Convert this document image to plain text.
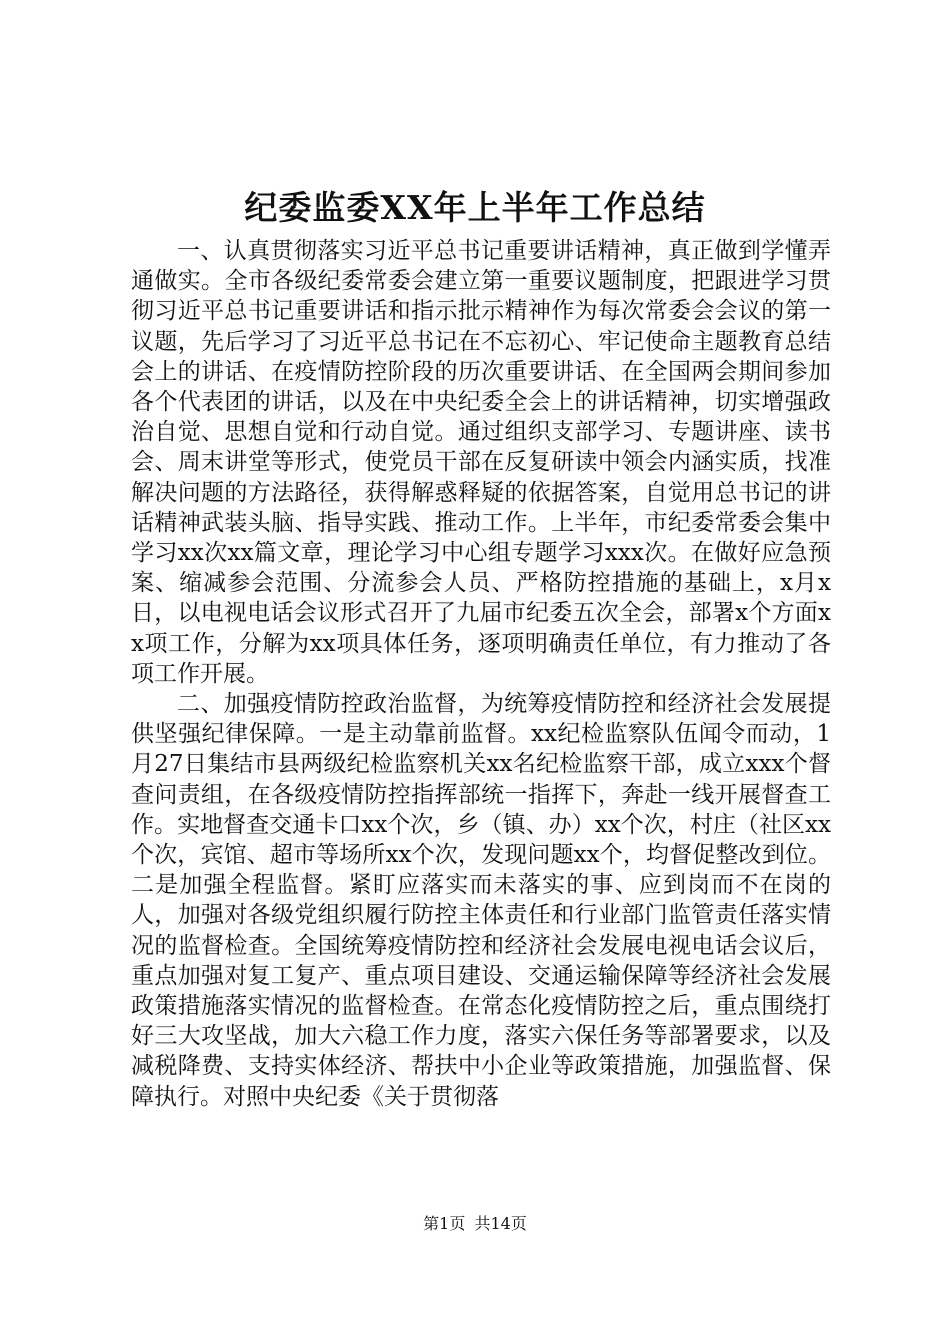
纪委监委XX年上半年工作总结

一、认真贯彻落实习近平总书记重要讲话精神，真正做到学懂弄通做实。全市各级纪委常委会建立第一重要议题制度，把跟进学习贯彻习近平总书记重要讲话和指示批示精神作为每次常委会会议的第一议题，先后学习了习近平总书记在不忘初心、牢记使命主题教育总结会上的讲话、在疫情防控阶段的历次重要讲话、在全国两会期间参加各个代表团的讲话，以及在中央纪委全会上的讲话精神，切实增强政治自觉、思想自觉和行动自觉。通过组织支部学习、专题讲座、读书会、周末讲堂等形式，使党员干部在反复研读中领会内涵实质，找准解决问题的方法路径，获得解惑释疑的依据答案，自觉用总书记的讲话精神武装头脑、指导实践、推动工作。上半年，市纪委常委会集中学习xx次xx篇文章，理论学习中心组专题学习xxx次。在做好应急预案、缩减参会范围、分流参会人员、严格防控措施的基础上，x月x日，以电视电话会议形式召开了九届市纪委五次全会，部署x个方面xx项工作，分解为xx项具体任务，逐项明确责任单位，有力推动了各项工作开展。

二、加强疫情防控政治监督，为统筹疫情防控和经济社会发展提供坚强纪律保障。一是主动靠前监督。xx纪检监察队伍闻令而动，1月27日集结市县两级纪检监察机关xx名纪检监察干部，成立xxx个督查问责组，在各级疫情防控指挥部统一指挥下，奔赴一线开展督查工作。实地督查交通卡口xx个次，乡（镇、办）xx个次，村庄（社区xx个次，宾馆、超市等场所xx个次，发现问题xx个，均督促整改到位。二是加强全程监督。紧盯应落实而未落实的事、应到岗而不在岗的人，加强对各级党组织履行防控主体责任和行业部门监管责任落实情况的监督检查。全国统筹疫情防控和经济社会发展电视电话会议后，重点加强对复工复产、重点项目建设、交通运输保障等经济社会发展政策措施落实情况的监督检查。在常态化疫情防控之后，重点围绕打好三大攻坚战，加大六稳工作力度，落实六保任务等部署要求，以及减税降费、支持实体经济、帮扶中小企业等政策措施，加强监督、保障执行。对照中央纪委《关于贯彻落

第1页 共14页
